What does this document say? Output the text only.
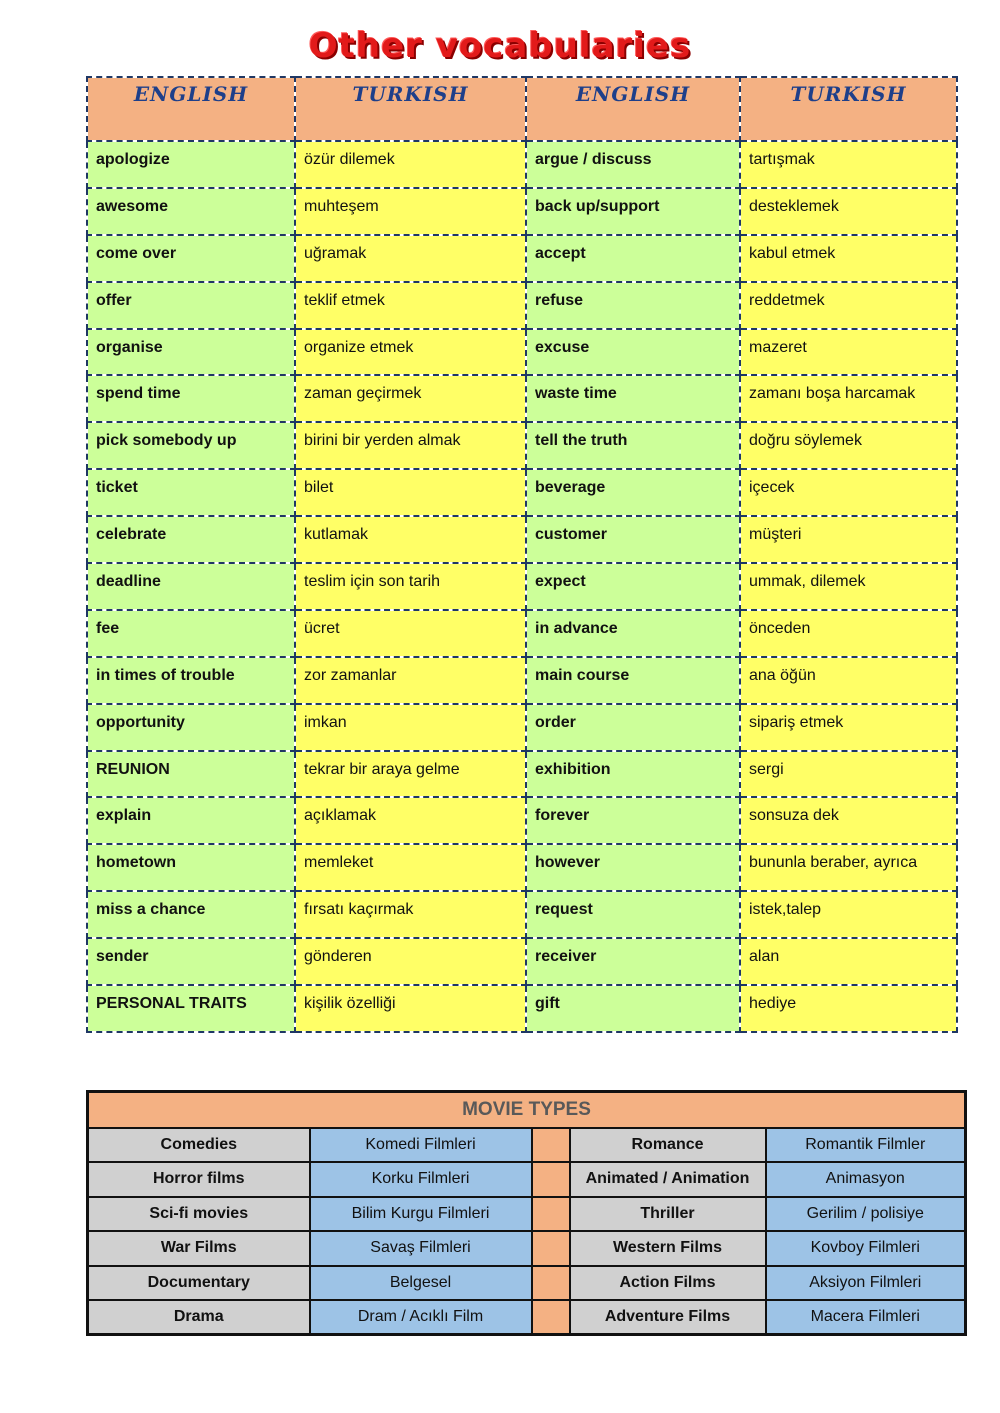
Other vocabularies
ENGLISH	TURKISH	ENGLISH	TURKISH
apologize	özür dilemek	argue / discuss	tartışmak
awesome	muhteşem	back up/support	desteklemek
come over	uğramak	accept	kabul etmek
offer	teklif etmek	refuse	reddetmek
organise	organize etmek	excuse	mazeret
spend time	zaman geçirmek	waste time	zamanı boşa harcamak
pick somebody up	birini bir yerden almak	tell the truth	doğru söylemek
ticket	bilet	beverage	içecek
celebrate	kutlamak	customer	müşteri
deadline	teslim için son tarih	expect	ummak, dilemek
fee	ücret	in advance	önceden
in times of trouble	zor zamanlar	main course	ana öğün
opportunity	imkan	order	sipariş etmek
REUNION	tekrar bir araya gelme	exhibition	sergi
explain	açıklamak	forever	sonsuza dek
hometown	memleket	however	bununla beraber, ayrıca
miss a chance	fırsatı kaçırmak	request	istek,talep
sender	gönderen	receiver	alan
PERSONAL TRAITS	kişilik özelliği	gift	hediye
MOVIE TYPES				
Comedies	Komedi Filmleri		Romance	Romantik Filmler
Horror films	Korku Filmleri		Animated / Animation	Animasyon
Sci-fi movies	Bilim Kurgu Filmleri		Thriller	Gerilim / polisiye
War Films	Savaş Filmleri		Western Films	Kovboy Filmleri
Documentary	Belgesel		Action Films	Aksiyon Filmleri
Drama	Dram / Acıklı Film		Adventure Films	Macera Filmleri
